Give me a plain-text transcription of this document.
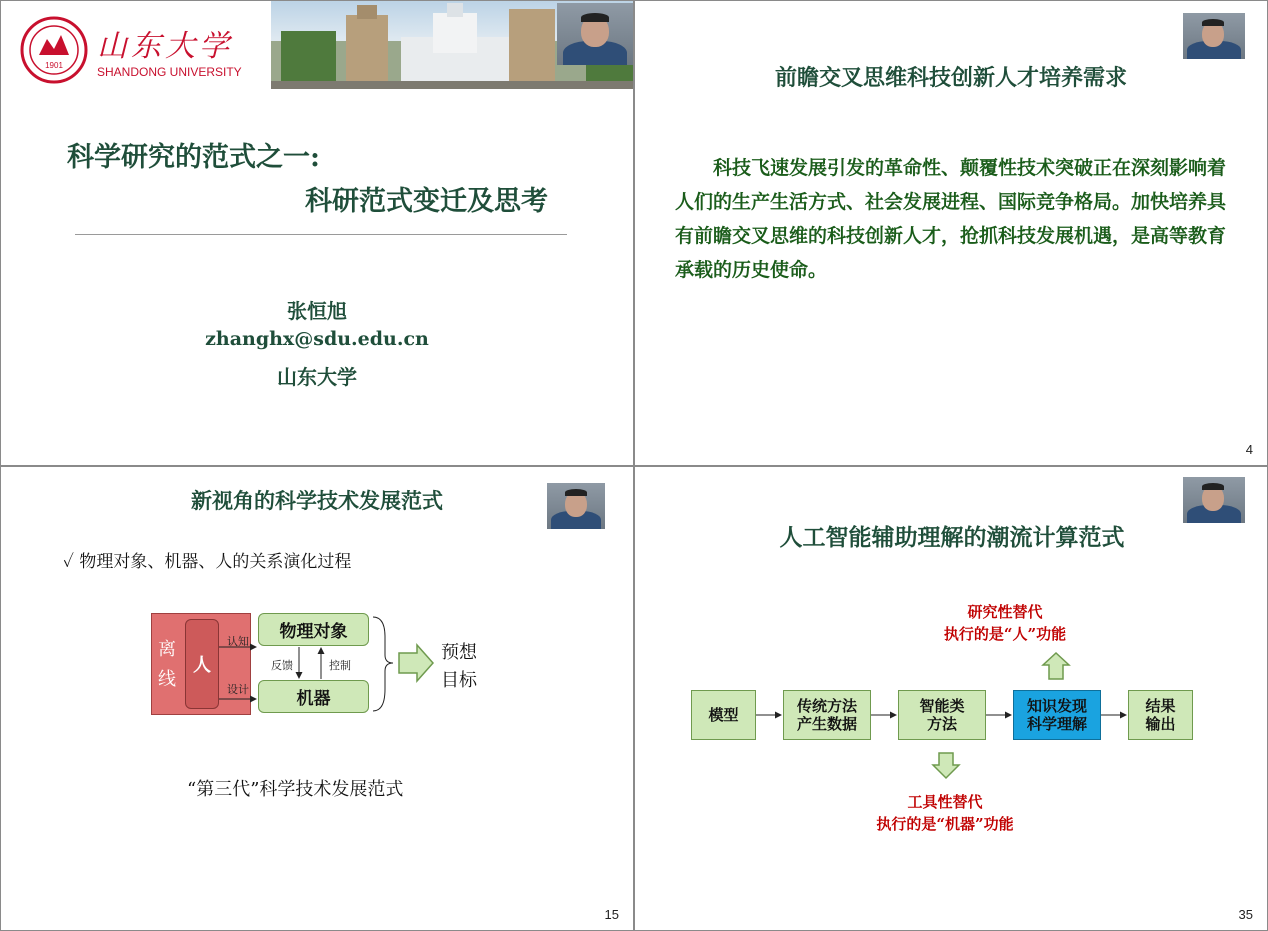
1901
山东大学
SHANDONG UNIVERSITY
科学研究的范式之一:
科研范式变迁及思考
张恒旭
zhanghx@sdu.edu.cn
山东大学
前瞻交叉思维科技创新人才培养需求
科技飞速发展引发的革命性、颠覆性技术突破正在深刻影响着人们的生产生活方式、社会发展进程、国际竞争格局。加快培养具有前瞻交叉思维的科技创新人才，抢抓科技发展机遇，是高等教育承载的历史使命。
4
新视角的科学技术发展范式
✓ 物理对象、机器、人的关系演化过程
离
线
人
物理对象
机器
认知
设计
反馈	控制
预想
目标
“第三代”科学技术发展范式
15
人工智能辅助理解的潮流计算范式
研究性替代
执行的是“人”功能
模型	传统方法
产生数据
智能类
方法
知识发现
科学理解
结果
输出
工具性替代
执行的是“机器”功能
35
